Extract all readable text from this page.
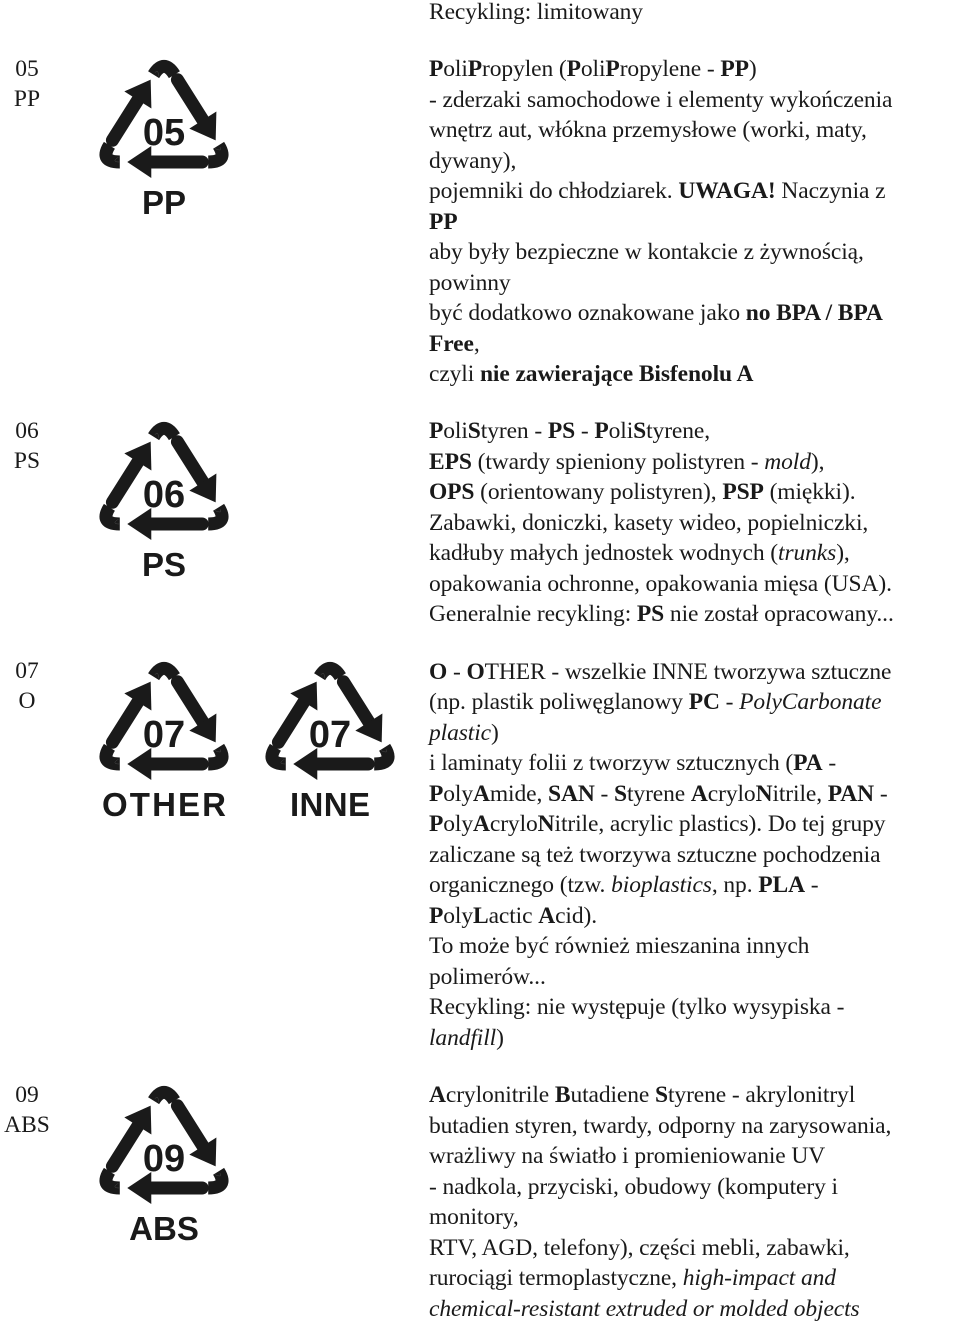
05
PP
05
PP
Recykling: limitowany
PoliPropylen (PoliPropylene - PP)
- zderzaki samochodowe i elementy wykończenia
wnętrz aut, włókna przemysłowe (worki, maty,
dywany),
pojemniki do chłodziarek. UWAGA! Naczynia z
PP
aby były bezpieczne w kontakcie z żywnością,
powinny
być dodatkowo oznakowane jako no BPA / BPA
Free,
czyli nie zawierające Bisfenolu A
06
PS
06
PS
PoliStyren - PS - PoliStyrene,
EPS (twardy spieniony polistyren - mold),
OPS (orientowany polistyren), PSP (miękki).
Zabawki, doniczki, kasety wideo, popielniczki,
kadłuby małych jednostek wodnych (trunks),
opakowania ochronne, opakowania mięsa (USA).
Generalnie recykling: PS nie został opracowany...
07
O
07
OTHER
07
INNE
O - OTHER - wszelkie INNE tworzywa sztuczne
(np. plastik poliwęglanowy PC - PolyCarbonate
plastic)
i laminaty folii z tworzyw sztucznych (PA -
PolyAmide, SAN - Styrene AcryloNitrile, PAN -
PolyAcryloNitrile, acrylic plastics). Do tej grupy
zaliczane są też tworzywa sztuczne pochodzenia
organicznego (tzw. bioplastics, np. PLA -
PolyLactic Acid).
To może być również mieszanina innych
polimerów...
Recykling: nie występuje (tylko wysypiska -
landfill)
09
ABS
09
ABS
Acrylonitrile Butadiene Styrene - akrylonitryl
butadien styren, twardy, odporny na zarysowania,
wrażliwy na światło i promieniowanie UV
- nadkola, przyciski, obudowy (komputery i
monitory,
RTV, AGD, telefony), części mebli, zabawki,
rurociągi termoplastyczne, high-impact and
chemical-resistant extruded or molded objects
